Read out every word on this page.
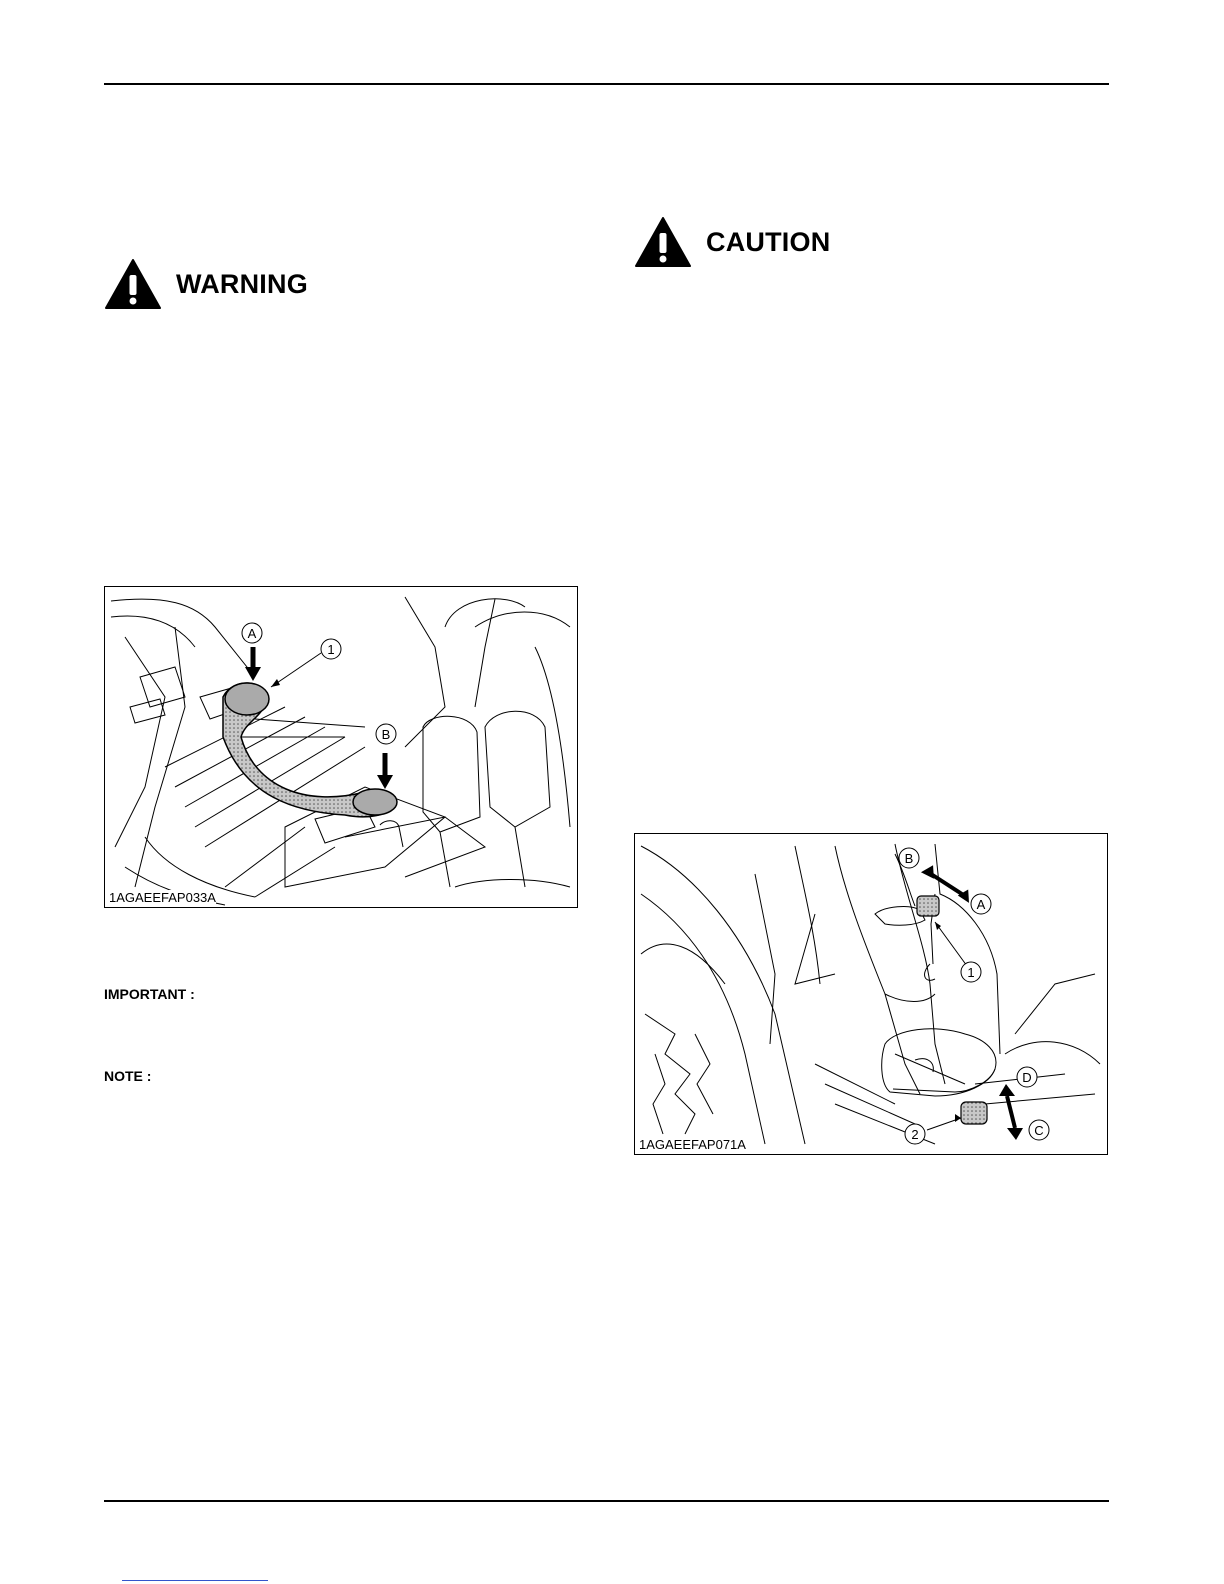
WARNING
CAUTION
A
B
1
1AGAEEFAP033A
IMPORTANT :
NOTE :
B
A
1
D
C
2
1AGAEEFAP071A
